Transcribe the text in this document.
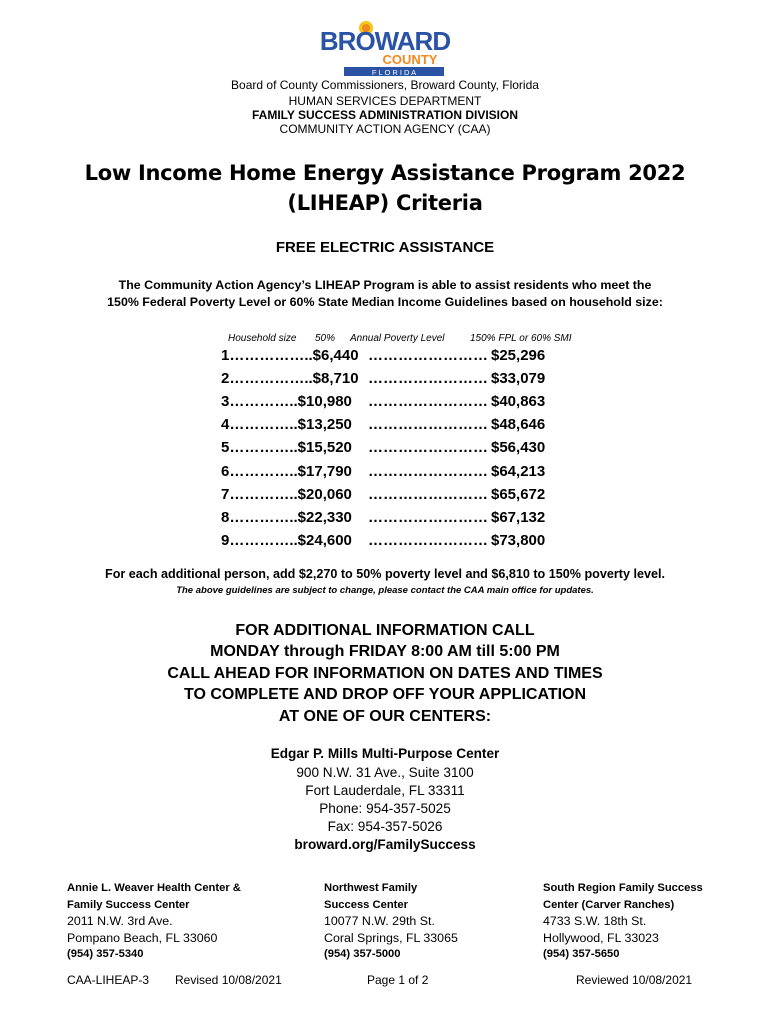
BROWARD
COUNTY
F L O R I D A
Board of County Commissioners, Broward County, Florida
HUMAN SERVICES DEPARTMENT
FAMILY SUCCESS ADMINISTRATION DIVISION
COMMUNITY ACTION AGENCY (CAA)
Low Income Home Energy Assistance Program 2022
(LIHEAP) Criteria
FREE ELECTRIC ASSISTANCE
The Community Action Agency’s LIHEAP Program is able to assist residents who meet the
150% Federal Poverty Level or 60% State Median Income Guidelines based on household size:
Household size 50% Annual Poverty Level	150% FPL or 60% SMI
1……………..$6,440 …………………… $25,296
2……………..$8,710 …………………… $33,079
3…………..$10,980 …………………… $40,863
4…………..$13,250 …………………… $48,646
5…………..$15,520 …………………… $56,430
6…………..$17,790 …………………… $64,213
7…………..$20,060 …………………… $65,672
8…………..$22,330 …………………… $67,132
9…………..$24,600 …………………… $73,800
For each additional person, add $2,270 to 50% poverty level and $6,810 to 150% poverty level.
The above guidelines are subject to change, please contact the CAA main office for updates.
FOR ADDITIONAL INFORMATION CALL
MONDAY through FRIDAY 8:00 AM till 5:00 PM
CALL AHEAD FOR INFORMATION ON DATES AND TIMES
TO COMPLETE AND DROP OFF YOUR APPLICATION
AT ONE OF OUR CENTERS:
Edgar P. Mills Multi-Purpose Center
900 N.W. 31 Ave., Suite 3100
Fort Lauderdale, FL 33311
Phone: 954-357-5025
Fax: 954-357-5026
broward.org/FamilySuccess
Annie L. Weaver Health Center &
Family Success Center
2011 N.W. 3rd Ave.
Pompano Beach, FL 33060
(954) 357-5340
Northwest Family
Success Center
10077 N.W. 29th St.
Coral Springs, FL 33065
(954) 357-5000
South Region Family Success
Center (Carver Ranches)
4733 S.W. 18th St.
Hollywood, FL 33023
(954) 357-5650
CAA-LIHEAP-3 Revised 10/08/2021	Page 1 of 2	Reviewed 10/08/2021
